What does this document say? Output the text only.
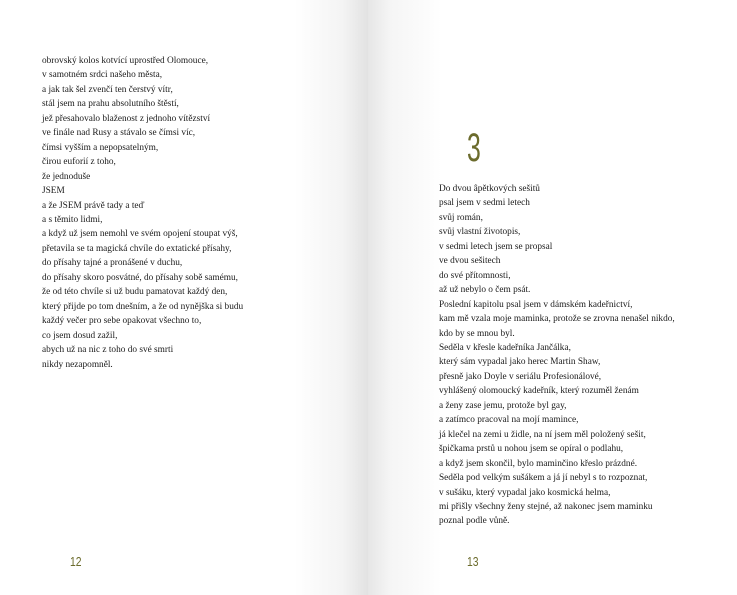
obrovský kolos kotvící uprostřed Olomouce,
v samotném srdci našeho města,
a jak tak šel zvenčí ten čerstvý vítr,
stál jsem na prahu absolutního štěstí,
jež přesahovalo blaženost z jednoho vítězství
ve finále nad Rusy a stávalo se čímsi víc,
čímsi vyšším a nepopsatelným,
čirou euforií z toho,
že jednoduše
JSEM
a že JSEM právě tady a teď
a s těmito lidmi,
a když už jsem nemohl ve svém opojení stoupat výš,
přetavila se ta magická chvíle do extatické přísahy,
do přísahy tajné a pronášené v duchu,
do přísahy skoro posvátné, do přísahy sobě samému,
že od této chvíle si už budu pamatovat každý den,
který přijde po tom dnešním, a že od nynějška si budu
každý večer pro sebe opakovat všechno to,
co jsem dosud zažil,
abych už na nic z toho do své smrti
nikdy nezapomněl.
12
3
Do dvou âpětkových sešitů
psal jsem v sedmi letech
svůj román,
svůj vlastní životopis,
v sedmi letech jsem se propsal
ve dvou sešitech
do své přítomnosti,
až už nebylo o čem psát.
Poslední kapitolu psal jsem v dámském kadeřnictví,
kam mě vzala moje maminka, protože se zrovna nenašel nikdo,
kdo by se mnou byl.
Seděla v křesle kadeřníka Jančálka,
který sám vypadal jako herec Martin Shaw,
přesně jako Doyle v seriálu Profesionálové,
vyhlášený olomoucký kadeřník, který rozuměl ženám
a ženy zase jemu, protože byl gay,
a zatímco pracoval na mojí mamince,
já klečel na zemi u židle, na ní jsem měl položený sešit,
špičkama prstů u nohou jsem se opíral o podlahu,
a když jsem skončil, bylo maminčino křeslo prázdné.
Seděla pod velkým sušákem a já jí nebyl s to rozpoznat,
v sušáku, který vypadal jako kosmická helma,
mi přišly všechny ženy stejné, až nakonec jsem maminku
poznal podle vůně.
13
